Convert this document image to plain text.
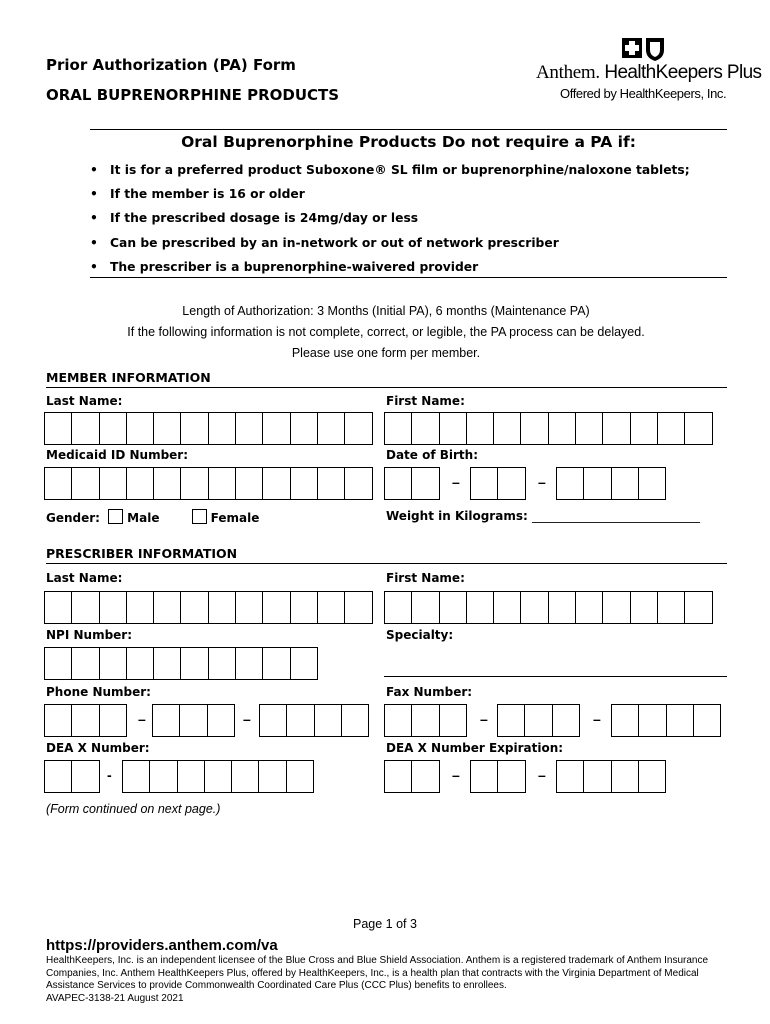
Prior Authorization (PA) Form
ORAL BUPRENORPHINE PRODUCTS
Anthem. HealthKeepers Plus
Offered by HealthKeepers, Inc.
Oral Buprenorphine Products Do not require a PA if:
• It is for a preferred product Suboxone® SL film or buprenorphine/naloxone tablets;
• If the member is 16 or older
• If the prescribed dosage is 24mg/day or less
• Can be prescribed by an in-network or out of network prescriber
• The prescriber is a buprenorphine-waivered provider
Length of Authorization: 3 Months (Initial PA), 6 months (Maintenance PA)
If the following information is not complete, correct, or legible, the PA process can be delayed.
Please use one form per member.
MEMBER INFORMATION
Last Name:	First Name:
Medicaid ID Number:	Date of Birth:
–	–
Gender: Male	Female	Weight in Kilograms: ____________________________
PRESCRIBER INFORMATION
Last Name:	First Name:
NPI Number:	Specialty:
Phone Number:	Fax Number:
–	–	–	–
DEA X Number:	DEA X Number Expiration:
-	–	–
(Form continued on next page.)
Page 1 of 3
https://providers.anthem.com/va
HealthKeepers, Inc. is an independent licensee of the Blue Cross and Blue Shield Association. Anthem is a registered trademark of Anthem Insurance
Companies, Inc. Anthem HealthKeepers Plus, offered by HealthKeepers, Inc., is a health plan that contracts with the Virginia Department of Medical
Assistance Services to provide Commonwealth Coordinated Care Plus (CCC Plus) benefits to enrollees.
AVAPEC-3138-21 August 2021
